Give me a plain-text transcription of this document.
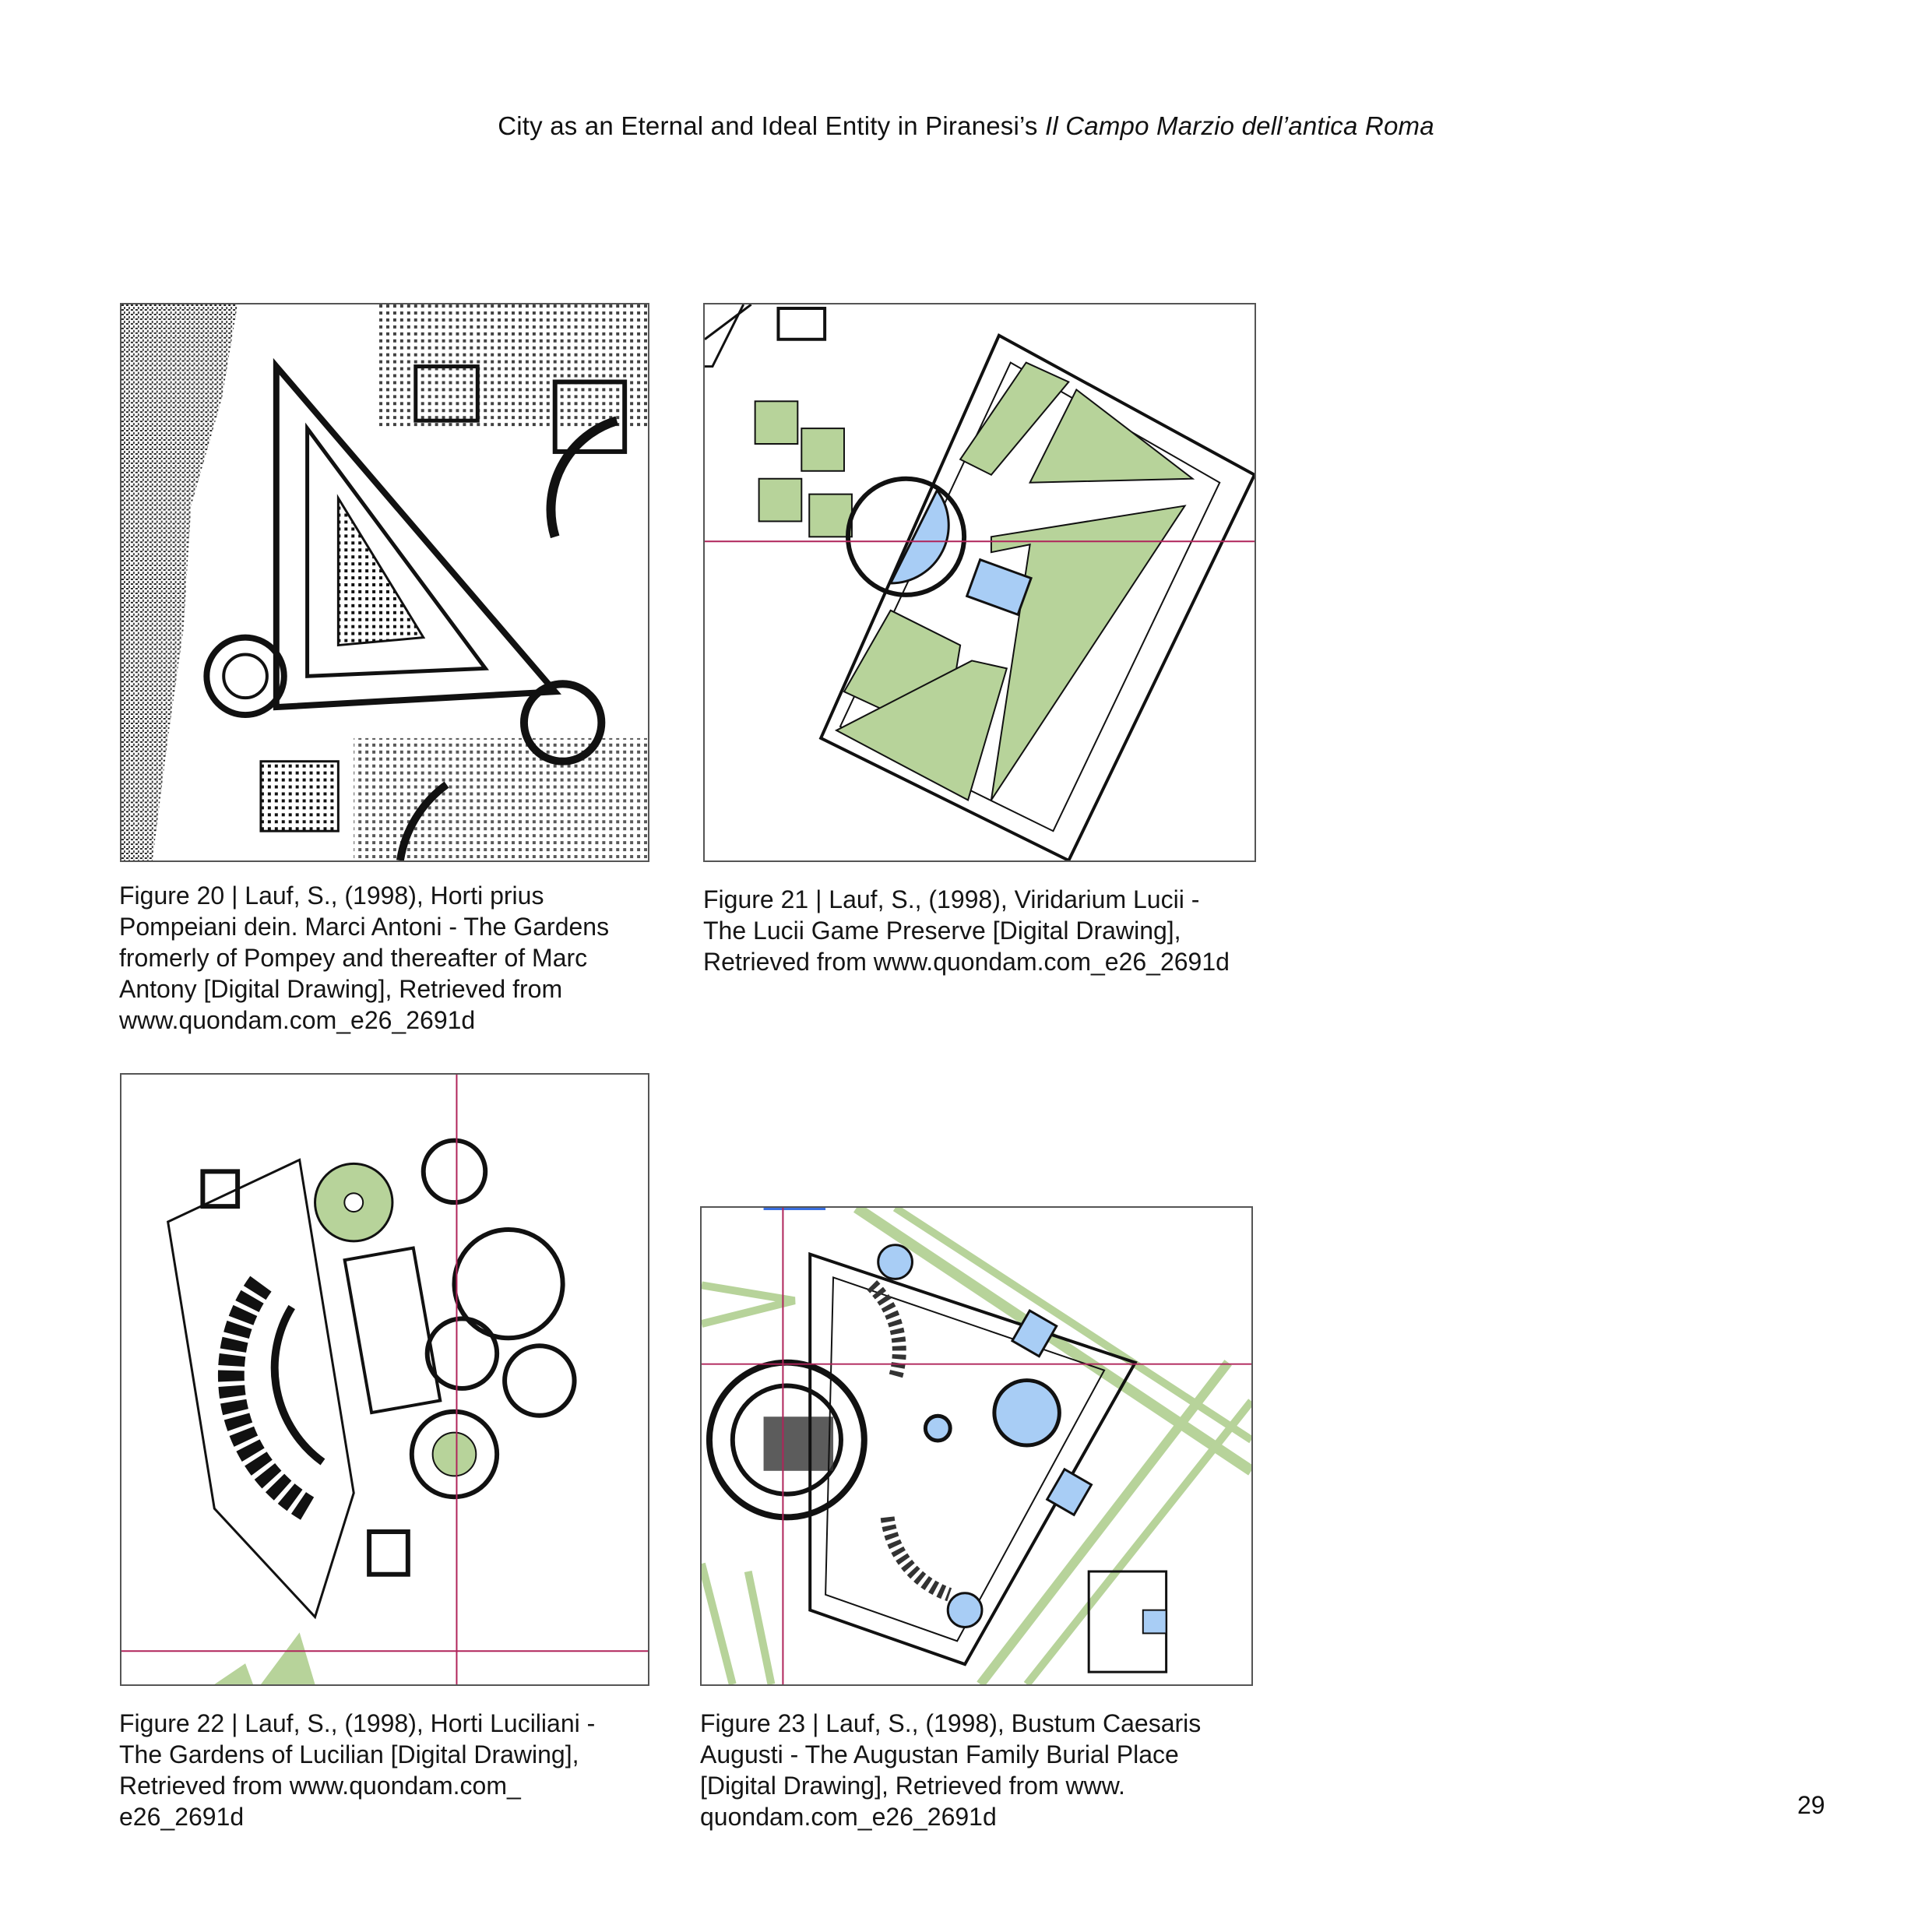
City as an Eternal and Ideal Entity in Piranesi’s Il Campo Marzio dell’antica Roma
Figure 20 | Lauf, S., (1998), Horti prius
Pompeiani dein. Marci Antoni - The Gardens
fromerly of Pompey and thereafter of Marc
Antony [Digital Drawing], Retrieved from
www.quondam.com_e26_2691d
Figure 21 | Lauf, S., (1998), Viridarium Lucii -
The Lucii Game Preserve [Digital Drawing],
Retrieved from www.quondam.com_e26_2691d
Figure 22 | Lauf, S., (1998), Horti Luciliani -
The Gardens of Lucilian [Digital Drawing],
Retrieved from www.quondam.com_
e26_2691d
Figure 23 | Lauf, S., (1998), Bustum Caesaris
Augusti - The Augustan Family Burial Place
[Digital Drawing], Retrieved from www.
quondam.com_e26_2691d	29
